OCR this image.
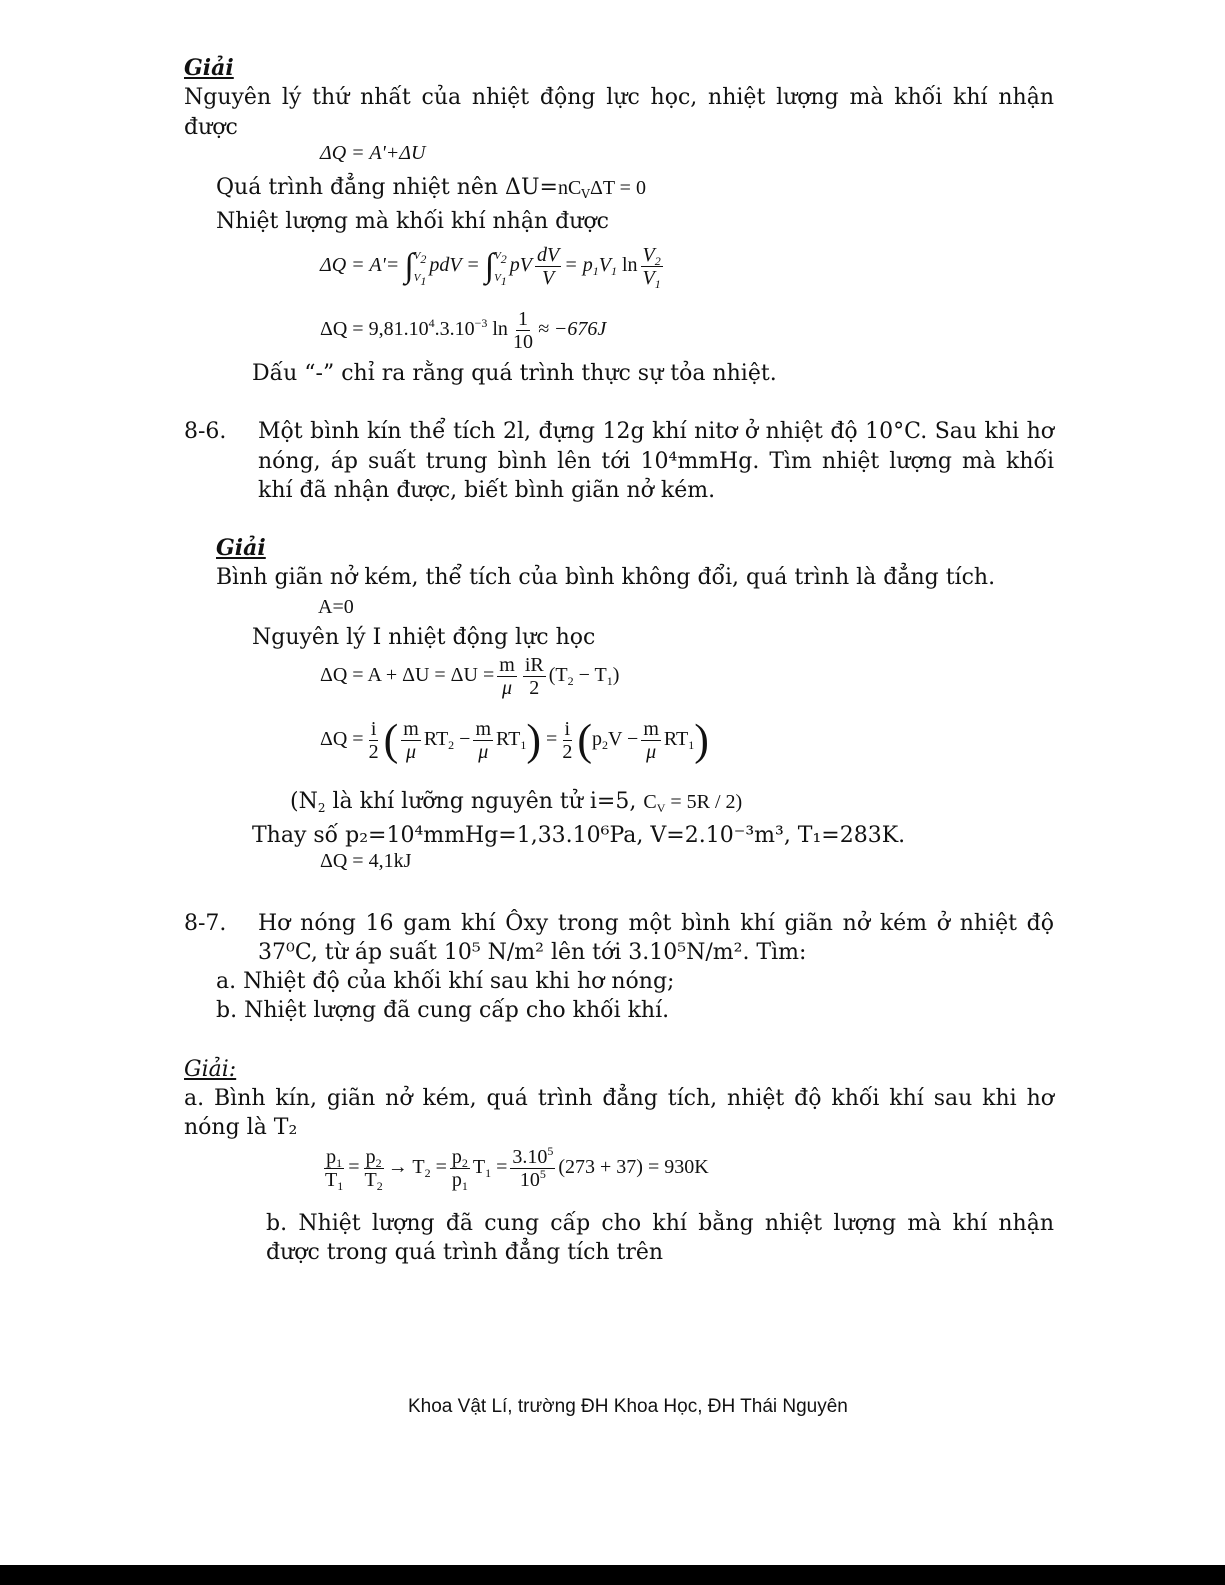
Giải
Nguyên lý thứ nhất của nhiệt động lực học, nhiệt lượng mà khối khí nhận
được
ΔQ = A'+ΔU
Quá trình đẳng nhiệt nên $\Delta U=nC_V\Delta T = 0$
Nhiệt lượng mà khối khí nhận được
ΔQ = A'= ∫ $V_2$
$V_1$
pdV = ∫ $V_2$
$V_1$
pV $\frac{dV}{V} = p_1V_1$ $\ln \frac{V_2}{V_1}$
$\Delta Q = 9,81.10^4.3.10^{-3}$ $\ln \frac{1}{10} \approx -676J$
Dấu “-” chỉ ra rằng quá trình thực sự tỏa nhiệt.
8-6. Một bình kín thể tích 2l, đựng 12g khí nitơ ở nhiệt độ 10°C. Sau khi hơ
nóng, áp suất trung bình lên tới 10⁴mmHg. Tìm nhiệt lượng mà khối
khí đã nhận được, biết bình giãn nở kém.
Giải
Bình giãn nở kém, thể tích của bình không đổi, quá trình là đẳng tích.
A=0
Nguyên lý I nhiệt động lực học
$\Delta Q = A + \Delta U = \Delta U = \frac{m}{\mu} \frac{iR}{2} (T_2 - T_1)$
$\Delta Q = \frac{i}{2}$ ( $\frac{m}{\mu} RT_2 - \frac{m}{\mu} RT_1) = \frac{i}{2} (p_2V - \frac{m}{\mu} RT_1)$
($N_2$ là khí lưỡng nguyên tử i=5, $C_V = 5R / 2$)
Thay số p₂=10⁴mmHg=1,33.10⁶Pa, V=2.10⁻³m³, T₁=283K.
ΔQ = 4,1kJ
8-7. Hơ nóng 16 gam khí Ôxy trong một bình khí giãn nở kém ở nhiệt độ
37⁰C, từ áp suất 10⁵ N/m² lên tới 3.10⁵N/m². Tìm:
a. Nhiệt độ của khối khí sau khi hơ nóng;
b. Nhiệt lượng đã cung cấp cho khối khí.
Giải:
a. Bình kín, giãn nở kém, quá trình đẳng tích, nhiệt độ khối khí sau khi hơ
nóng là T₂
$\frac{p_1}{T_1} = \frac{p_2}{T_2} \to T_2 = \frac{p_2}{p_1} T_1 = \frac{3.10^5}{10^5} (273 + 37) = 930K$
b. Nhiệt lượng đã cung cấp cho khí bằng nhiệt lượng mà khí nhận
được trong quá trình đẳng tích trên
Khoa Vật Lí, trường ĐH Khoa Học, ĐH Thái Nguyên
